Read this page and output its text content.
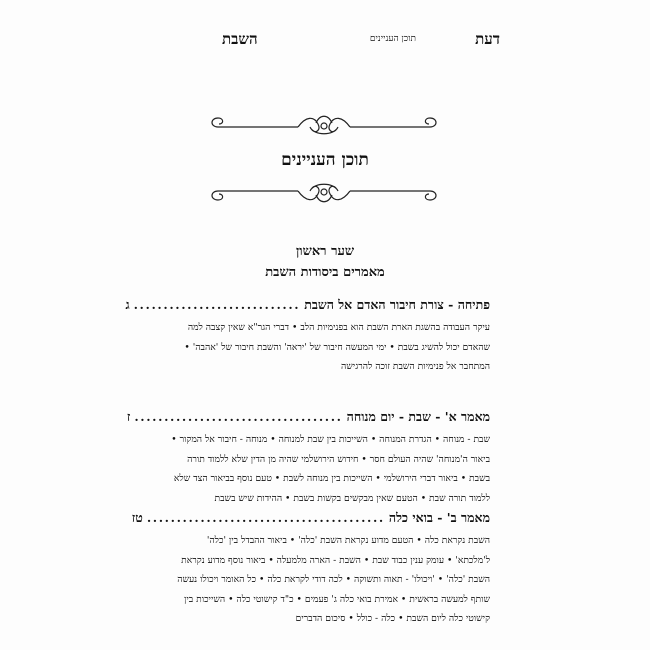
דעת
תוכן העניינים
השבת
תוכן העניינים
שער ראשון
מאמרים ביסודות השבת
פתיחה - צורת חיבור האדם אל השבת
............................
ג
עיקר העבודה בהשגת הארת השבת הוא בפנימיות הלב • דברי הגר"א שאין קצבה למה
שהאדם יכול להשיג בשבת • ימי המעשה חיבור של 'יראה' והשבת חיבור של 'אהבה' •
המתחבר אל פנימיות השבת זוכה להרגישה
מאמר א' - שבת - יום מנוחה
...................................
ז
שבת - מנוחה • הגדרת המנוחה • השייכות בין שבת למנוחה • מנוחה - חיבור אל המקור •
ביאור ה'מנוחה' שהיה העולם חסר • חידוש הירושלמי שהיה מן הדין שלא ללמוד תורה
בשבת • ביאור דברי הירושלמי • השייכות בין מנוחה לשבת • טעם נוסף בביאור הצד שלא
ללמוד תורה שבת • הטעם שאין מבקשים בקשות בשבת • ההידות שיש בשבת
מאמר ב' - בואי כלה
........................................
טז
השבת נקראת כלה • הטעם מדוע נקראת השבת 'כלה' • ביאור ההבדל בין 'כלה'
ל'מלכתא' • עומק ענין כבוד שבת • השבת - הארה מלמעלה • ביאור נוסף מדוע נקראת
השבת 'כלה' • 'ויכולו' - תאוה ותשוקה • לכה דודי לקראת כלה • כל האומר ויכולו נעשה
שותף למעשה בראשית • אמירת בואי כלה ג' פעמים • כ"ד קישוטי כלה • השייכות בין
קישוטי כלה ליום השבת • כלה - כולל • סיכום הדברים
